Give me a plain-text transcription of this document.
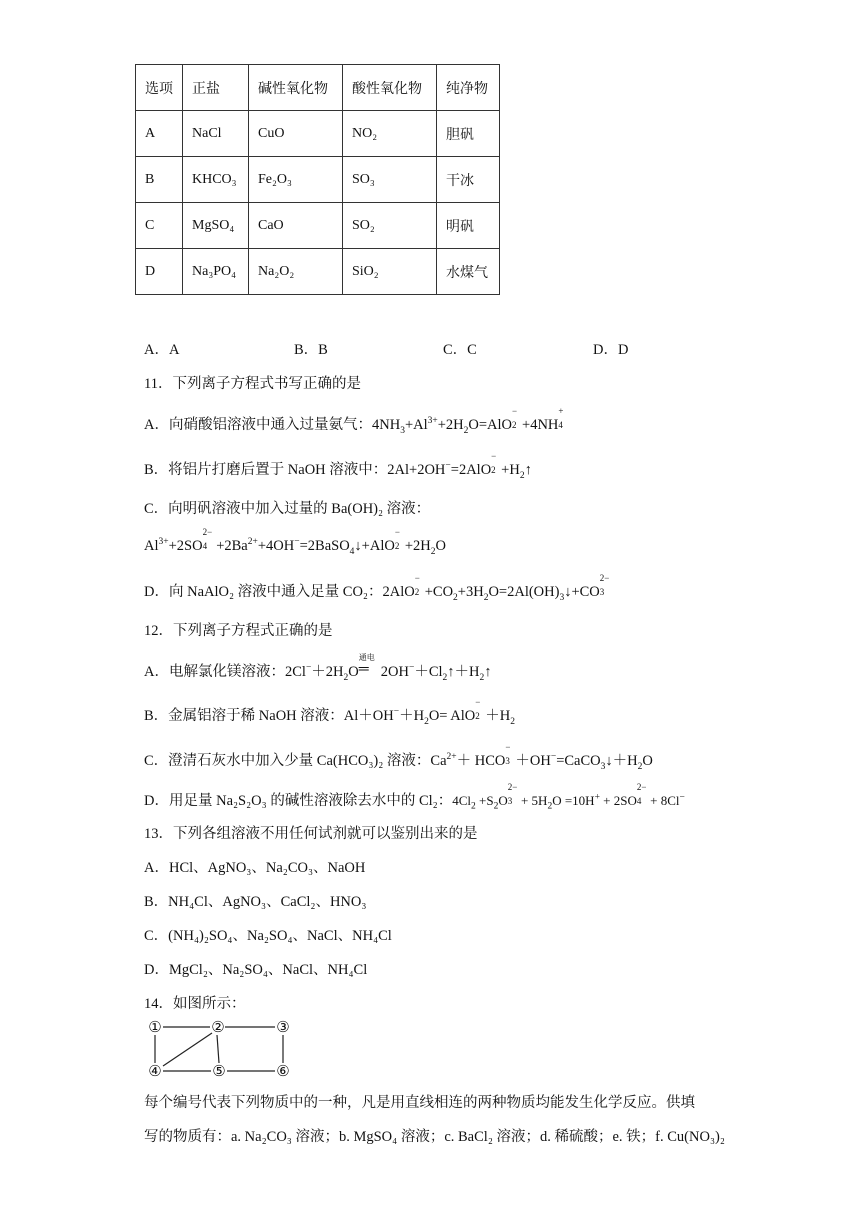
选项	正盐	碱性氧化物	酸性氧化物	纯净物
A	NaCl	CuO	NO₂	胆矾
B	KHCO₃	Fe₂O₃	SO₃	干冰
C	MgSO₄	CaO	SO₂	明矾
D	Na₃PO₄	Na₂O₂	SiO₂	水煤气
A．A	B．B	C．C	D．D
11．下列离子方程式书写正确的是
A．向硝酸铝溶液中通入过量氨气：$4NH_3+Al^{3+}+2H_2O=AlO$
−
2 +4NH
+
4
B．将铝片打磨后置于 NaOH 溶液中：2Al+2OH−=2AlO
−
$2 +H_2↑$
C．向明矾溶液中加入过量的 Ba(OH)₂ 溶液：
$Al^{3+}+2SO$
2−
$4 +2Ba^{2+}+4OH^-=2BaSO_4↓+AlO$
−
$2 +2H_2O$
D．向 NaAlO₂ 溶液中通入足量 CO₂：2AlO
−
$2 +CO_2+3H_2O=2Al(OH)_3↓+CO$
2−
3
12．下列离子方程式正确的是
A．电解氯化镁溶液：$2Cl^-+2H_2O$
通电
═ $2OH^-+Cl_2↑+H_2↑$
B．金属铝溶于稀 NaOH 溶液：$Al+OH^-+H_2O=$ AlO
−
$2 +H_2$
C．澄清石灰水中加入少量 Ca(HCO₃)₂ 溶液：$Ca^{2+}+$ HCO
−
$3 +OH^-=CaCO_3↓+H_2O$
D．用足量 Na₂S₂O₃ 的碱性溶液除去水中的 Cl₂：$4Cl_2 +S_2O$
2−
$3 + 5H_2O =10H^+ + 2SO$
2−
4 + 8Cl−
13．下列各组溶液不用任何试剂就可以鉴别出来的是
A．HCl、AgNO₃、Na₂CO₃、NaOH
B．NH₄Cl、AgNO₃、CaCl₂、HNO₃
C．(NH₄)₂SO₄、Na₂SO₄、NaCl、NH₄Cl
D．MgCl₂、Na₂SO₄、NaCl、NH₄Cl
14．如图所示：
①	②	③
④	⑤	⑥
每个编号代表下列物质中的一种，凡是用直线相连的两种物质均能发生化学反应。供填
写的物质有：a. Na₂CO₃ 溶液；b. MgSO₄ 溶液；c. BaCl₂ 溶液；d. 稀硫酸；e. 铁；f. Cu(NO₃)₂
